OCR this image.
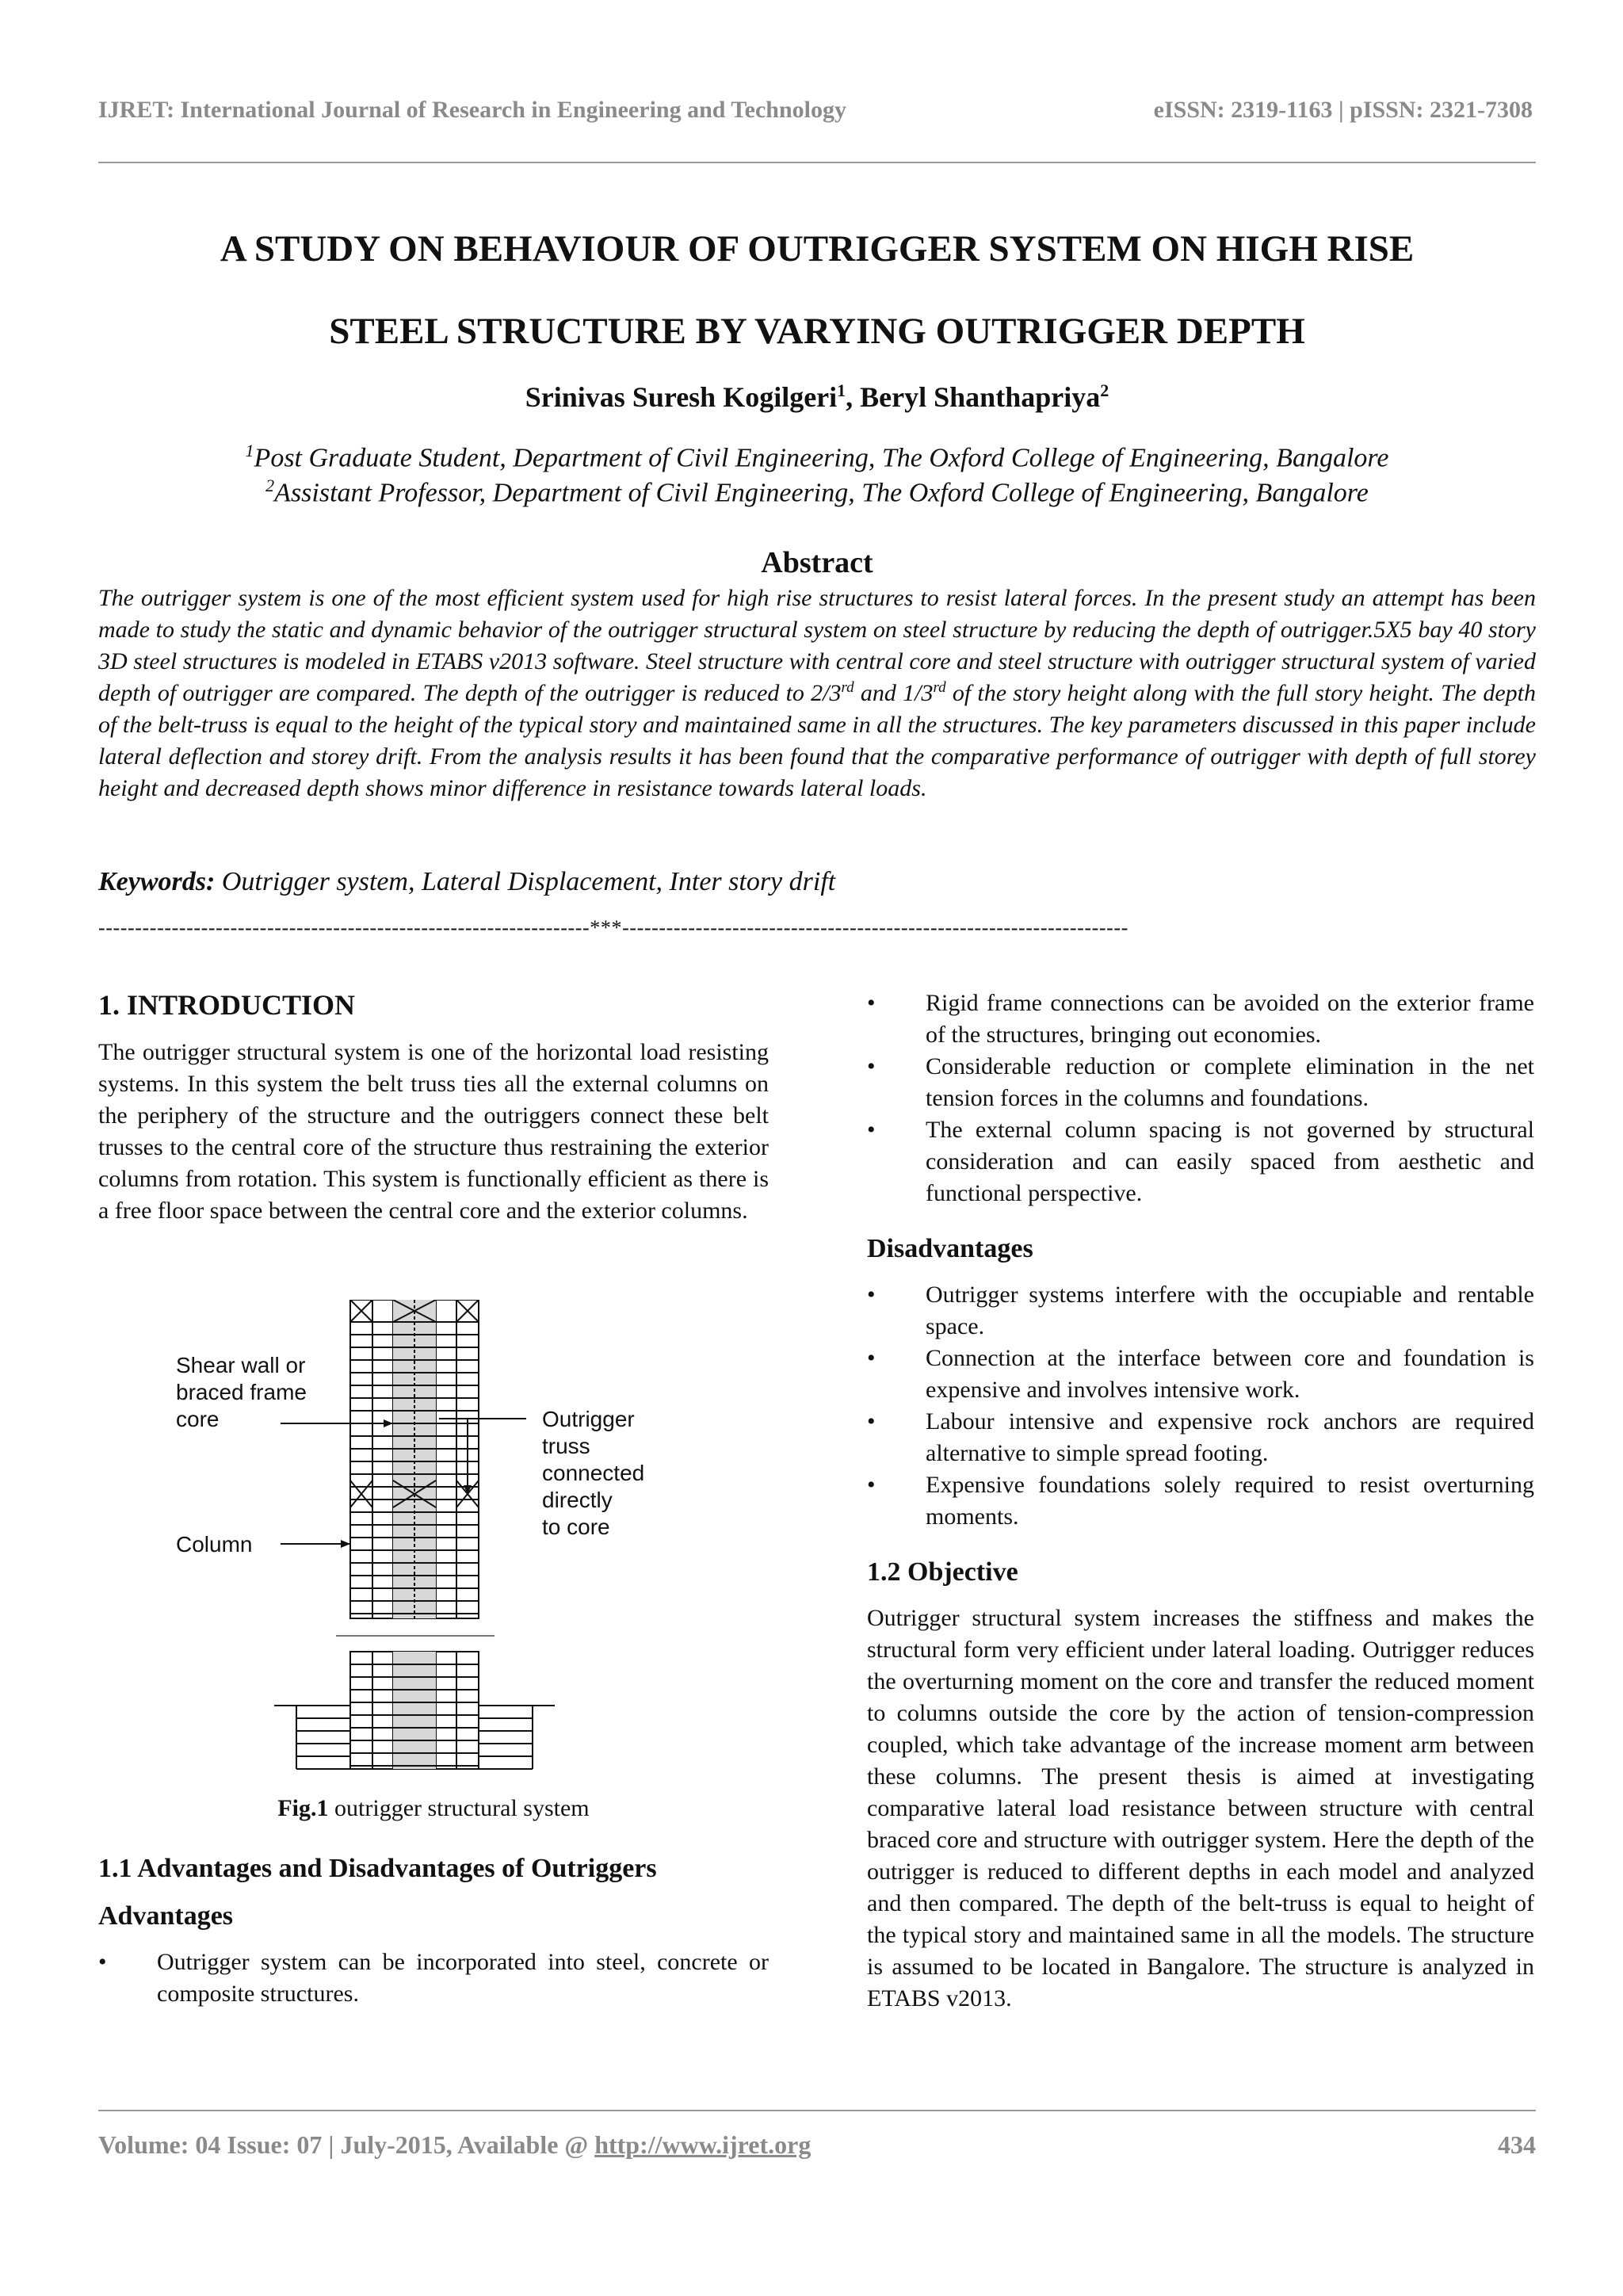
IJRET: International Journal of Research in Engineering and Technology	eISSN: 2319-1163 | pISSN: 2321-7308
A STUDY ON BEHAVIOUR OF OUTRIGGER SYSTEM ON HIGH RISE
STEEL STRUCTURE BY VARYING OUTRIGGER DEPTH
Srinivas Suresh Kogilgeri$^1$, Beryl Shanthapriya$^2$
$^1$Post Graduate Student, Department of Civil Engineering, The Oxford College of Engineering, Bangalore
$^2$Assistant Professor, Department of Civil Engineering, The Oxford College of Engineering, Bangalore
Abstract

The outrigger system is one of the most efficient system used for high rise structures to resist lateral forces. In the present study an attempt has been made to study the static and dynamic behavior of the outrigger structural system on steel structure by reducing the depth of outrigger.5X5 bay 40 story 3D steel structures is modeled in ETABS v2013 software. Steel structure with central core and steel structure with outrigger structural system of varied depth of outrigger are compared. The depth of the outrigger is reduced to 2/3rd and 1/3rd of the story height along with the full story height. The depth of the belt-truss is equal to the height of the typical story and maintained same in all the structures. The key parameters discussed in this paper include lateral deflection and storey drift. From the analysis results it has been found that the comparative performance of outrigger with depth of full storey height and decreased depth shows minor difference in resistance towards lateral loads.

Keywords: Outrigger system, Lateral Displacement, Inter story drift
-------------------------------------------------------------------***---------------------------------------------------------------------
1. INTRODUCTION

The outrigger structural system is one of the horizontal load resisting systems. In this system the belt truss ties all the external columns on the periphery of the structure and the outriggers connect these belt trusses to the central core of the structure thus restraining the exterior columns from rotation. This system is functionally efficient as there is a free floor space between the central core and the exterior columns.

Shear wall or
braced frame
core
Column
Outrigger
truss
connected
directly
to core
Fig.1 outrigger structural system
1.1 Advantages and Disadvantages of Outriggers
Advantages
• Outrigger system can be incorporated into steel, concrete or composite structures.
• Rigid frame connections can be avoided on the exterior frame of the structures, bringing out economies.
• Considerable reduction or complete elimination in the net tension forces in the columns and foundations.
• The external column spacing is not governed by structural consideration and can easily spaced from aesthetic and functional perspective.
Disadvantages
• Outrigger systems interfere with the occupiable and rentable space.
• Connection at the interface between core and foundation is expensive and involves intensive work.
• Labour intensive and expensive rock anchors are required alternative to simple spread footing.
• Expensive foundations solely required to resist overturning moments.
1.2 Objective

Outrigger structural system increases the stiffness and makes the structural form very efficient under lateral loading. Outrigger reduces the overturning moment on the core and transfer the reduced moment to columns outside the core by the action of tension-compression coupled, which take advantage of the increase moment arm between these columns. The present thesis is aimed at investigating comparative lateral load resistance between structure with central braced core and structure with outrigger system. Here the depth of the outrigger is reduced to different depths in each model and analyzed and then compared. The depth of the belt-truss is equal to height of the typical story and maintained same in all the models. The structure is assumed to be located in Bangalore. The structure is analyzed in ETABS v2013.

Volume: 04 Issue: 07 | July-2015, Available @ http://www.ijret.org	434
